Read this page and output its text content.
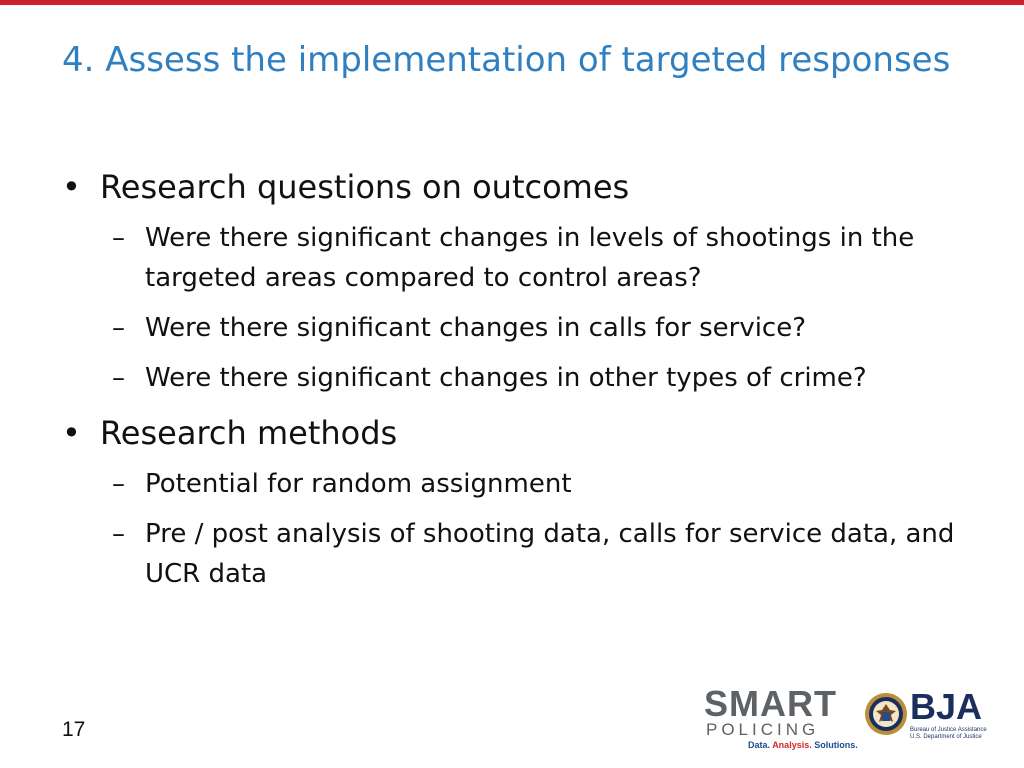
4. Assess the implementation of targeted responses
• Research questions on outcomes
– Were there significant changes in levels of shootings in the targeted areas compared to control areas?
– Were there significant changes in calls for service?
– Were there significant changes in other types of crime?
• Research methods
– Potential for random assignment
– Pre / post analysis of shooting data, calls for service data, and UCR data
17
SMART
POLICING
Data. Analysis. Solutions.
BJA
Bureau of Justice Assistance
U.S. Department of Justice
